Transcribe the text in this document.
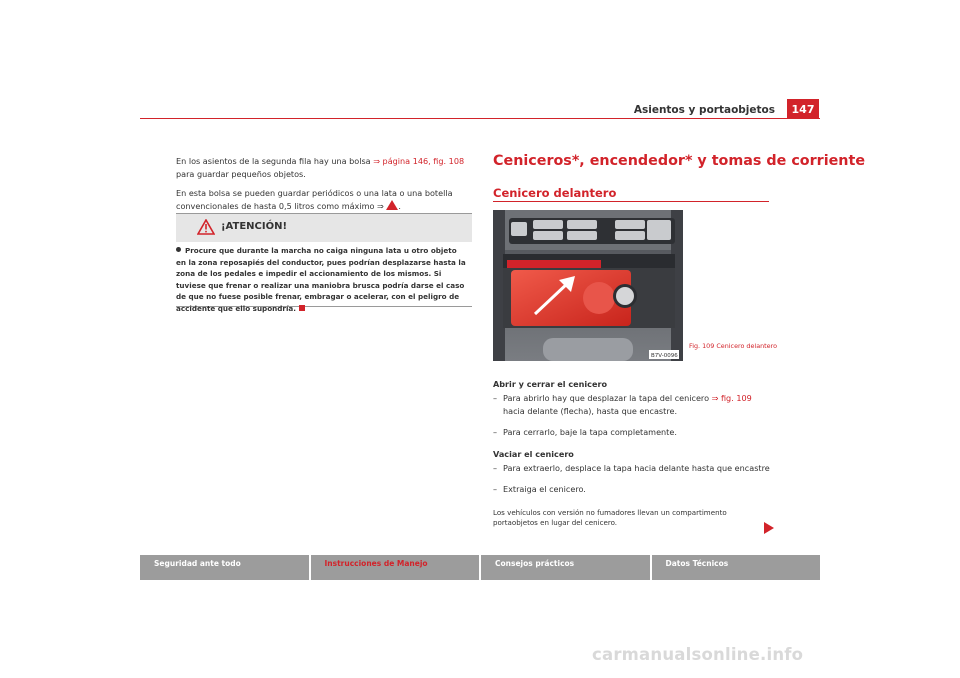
Asientos y portaobjetos	147

En los asientos de la segunda fila hay una bolsa ⇒ página 146, fig. 108 para guardar pequeños objetos.

En esta bolsa se pueden guardar periódicos o una lata o una botella convencionales de hasta 0,5 litros como máximo ⇒ .

¡ATENCIÓN!
Procure que durante la marcha no caiga ninguna lata u otro objeto en la zona reposapiés del conductor, pues podrían desplazarse hasta la zona de los pedales e impedir el accionamiento de los mismos. Si tuviese que frenar o realizar una maniobra brusca podría darse el caso de que no fuese posible frenar, embragar o acelerar, con el peligro de accidente que ello supondría.
Ceniceros*, encendedor* y tomas de corriente
Cenicero delantero
B7V-0096
Fig. 109 Cenicero delantero
Abrir y cerrar el cenicero
– Para abrirlo hay que desplazar la tapa del cenicero ⇒ fig. 109 hacia delante (flecha), hasta que encastre.
– Para cerrarlo, baje la tapa completamente.
Vaciar el cenicero
– Para extraerlo, desplace la tapa hacia delante hasta que encastre
– Extraiga el cenicero.
Los vehículos con versión no fumadores llevan un compartimento portaobjetos en lugar del cenicero.
Seguridad ante todo	Instrucciones de Manejo	Consejos prácticos	Datos Técnicos
carmanualsonline.info
